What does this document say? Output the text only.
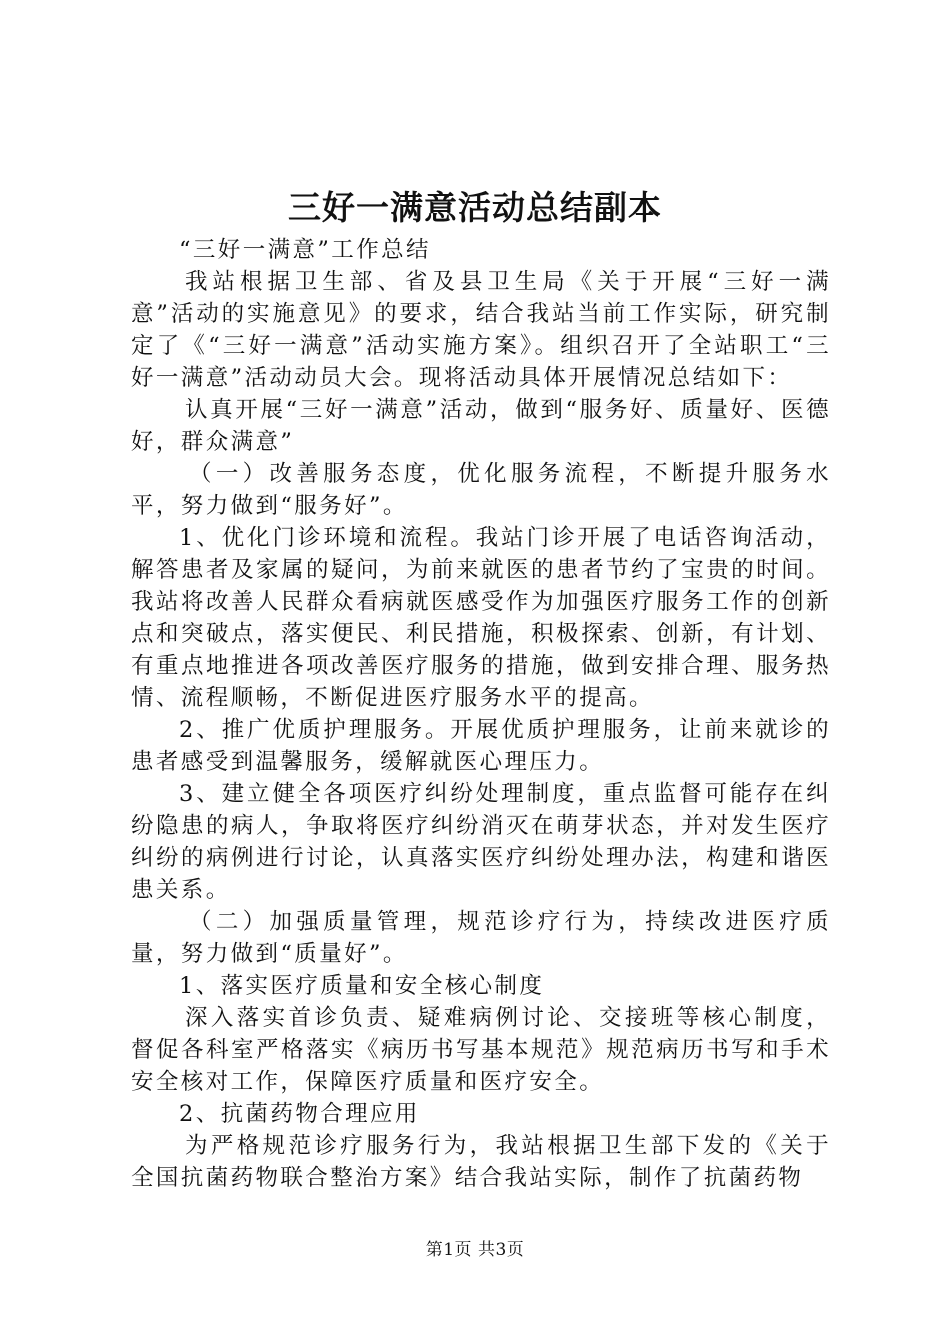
三好一满意活动总结副本

“三好一满意”工作总结

我站根据卫生部、省及县卫生局《关于开展“三好一满意”活动的实施意见》的要求，结合我站当前工作实际，研究制定了《“三好一满意”活动实施方案》。组织召开了全站职工“三好一满意”活动动员大会。现将活动具体开展情况总结如下：

认真开展“三好一满意”活动，做到“服务好、质量好、医德好，群众满意”

（一）改善服务态度，优化服务流程，不断提升服务水平，努力做到“服务好”。

1、优化门诊环境和流程。我站门诊开展了电话咨询活动，解答患者及家属的疑问，为前来就医的患者节约了宝贵的时间。我站将改善人民群众看病就医感受作为加强医疗服务工作的创新点和突破点，落实便民、利民措施，积极探索、创新，有计划、有重点地推进各项改善医疗服务的措施，做到安排合理、服务热情、流程顺畅，不断促进医疗服务水平的提高。

2、推广优质护理服务。开展优质护理服务，让前来就诊的患者感受到温馨服务，缓解就医心理压力。

3、建立健全各项医疗纠纷处理制度，重点监督可能存在纠纷隐患的病人，争取将医疗纠纷消灭在萌芽状态，并对发生医疗纠纷的病例进行讨论，认真落实医疗纠纷处理办法，构建和谐医患关系。

（二）加强质量管理，规范诊疗行为，持续改进医疗质量，努力做到“质量好”。

1、落实医疗质量和安全核心制度

深入落实首诊负责、疑难病例讨论、交接班等核心制度，督促各科室严格落实《病历书写基本规范》规范病历书写和手术安全核对工作，保障医疗质量和医疗安全。

2、抗菌药物合理应用

为严格规范诊疗服务行为，我站根据卫生部下发的《关于全国抗菌药物联合整治方案》结合我站实际，制作了抗菌药物

第1页 共3页
